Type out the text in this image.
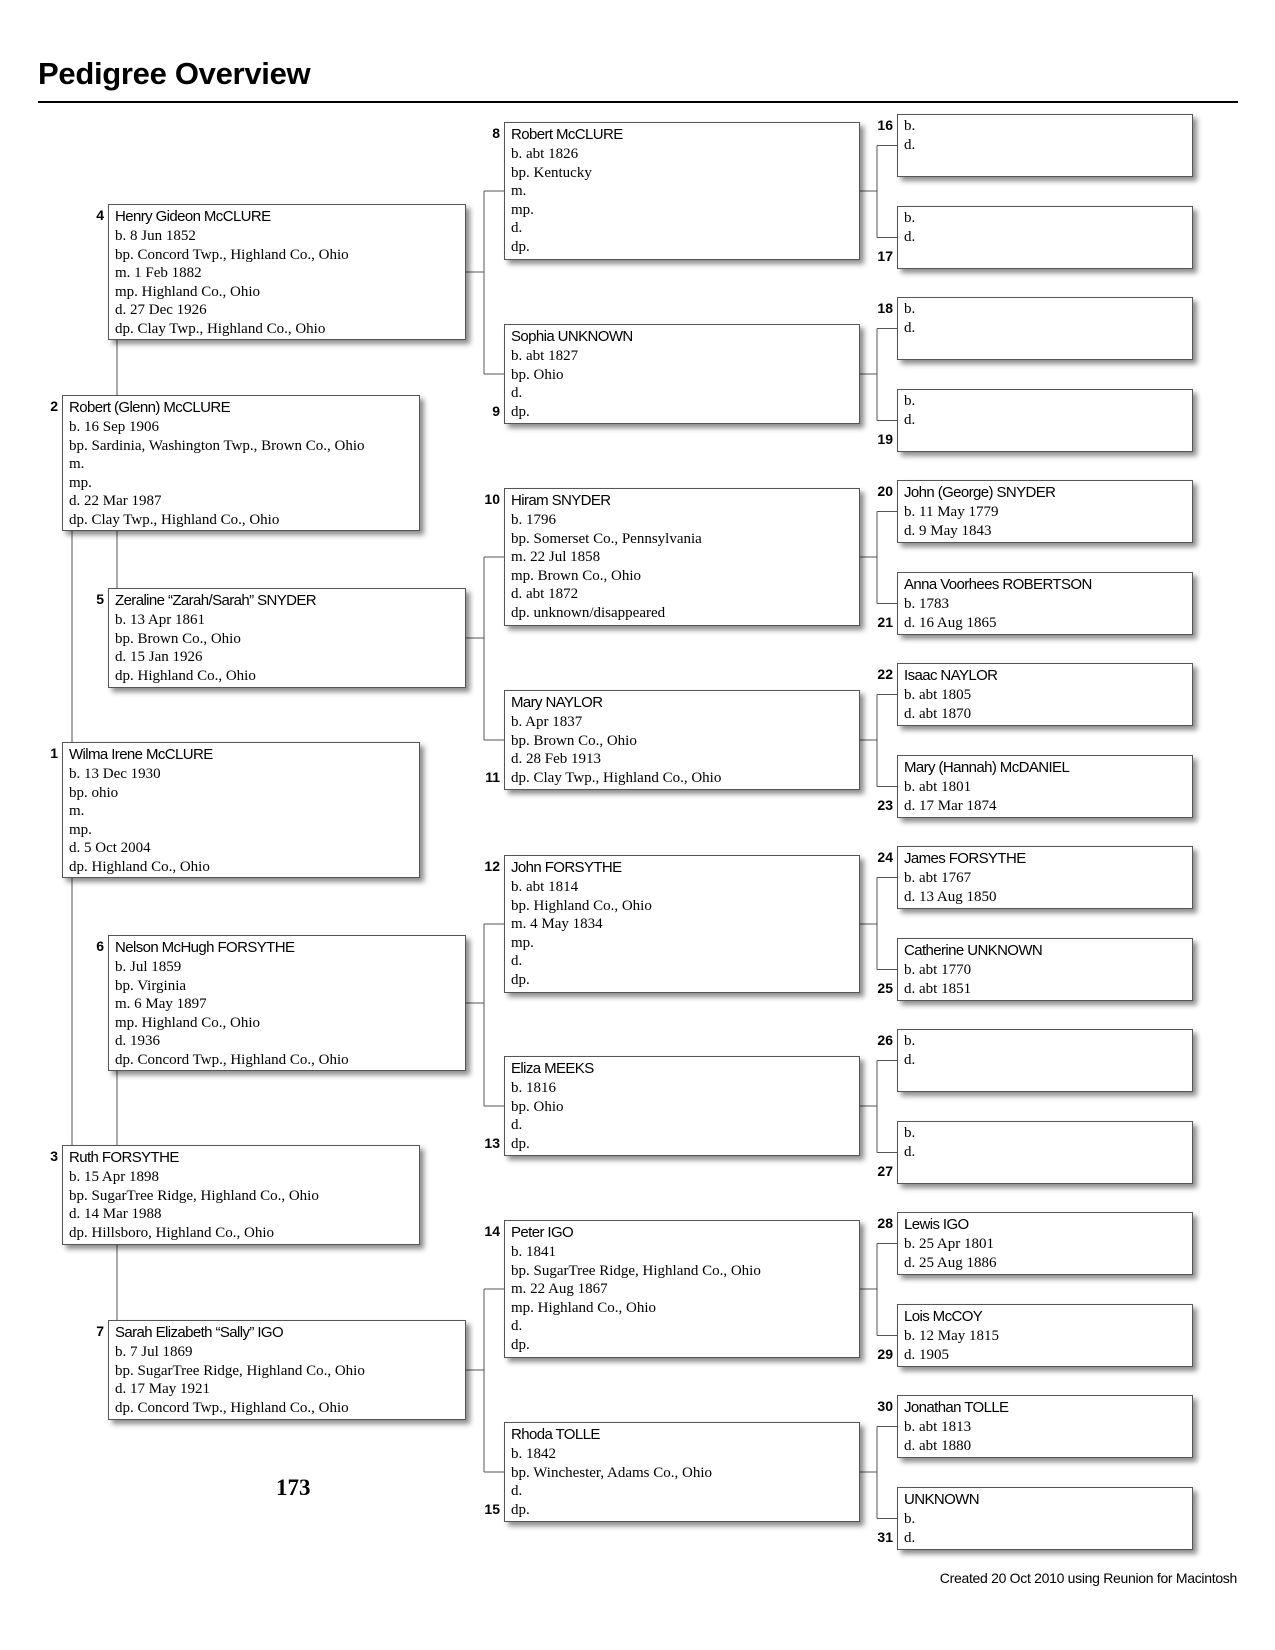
Pedigree Overview
Wilma Irene McCLURE
b. 13 Dec 1930
bp. ohio
m.
mp.
d. 5 Oct 2004
dp. Highland Co., Ohio
1
Robert (Glenn) McCLURE
b. 16 Sep 1906
bp. Sardinia, Washington Twp., Brown Co., Ohio
m.
mp.
d. 22 Mar 1987
dp. Clay Twp., Highland Co., Ohio
2
Ruth FORSYTHE
b. 15 Apr 1898
bp. SugarTree Ridge, Highland Co., Ohio
d. 14 Mar 1988
dp. Hillsboro, Highland Co., Ohio
3
Henry Gideon McCLURE
b. 8 Jun 1852
bp. Concord Twp., Highland Co., Ohio
m. 1 Feb 1882
mp. Highland Co., Ohio
d. 27 Dec 1926
dp. Clay Twp., Highland Co., Ohio
4
Zeraline “Zarah/Sarah” SNYDER
b. 13 Apr 1861
bp. Brown Co., Ohio
d. 15 Jan 1926
dp. Highland Co., Ohio
5
Nelson McHugh FORSYTHE
b. Jul 1859
bp. Virginia
m. 6 May 1897
mp. Highland Co., Ohio
d. 1936
dp. Concord Twp., Highland Co., Ohio
6
Sarah Elizabeth “Sally” IGO
b. 7 Jul 1869
bp. SugarTree Ridge, Highland Co., Ohio
d. 17 May 1921
dp. Concord Twp., Highland Co., Ohio
7
Robert McCLURE
b. abt 1826
bp. Kentucky
m.
mp.
d.
dp.
8
Sophia UNKNOWN
b. abt 1827
bp. Ohio
d.
dp.
9
Hiram SNYDER
b. 1796
bp. Somerset Co., Pennsylvania
m. 22 Jul 1858
mp. Brown Co., Ohio
d. abt 1872
dp. unknown/disappeared
10
Mary NAYLOR
b. Apr 1837
bp. Brown Co., Ohio
d. 28 Feb 1913
dp. Clay Twp., Highland Co., Ohio
11
John FORSYTHE
b. abt 1814
bp. Highland Co., Ohio
m. 4 May 1834
mp.
d.
dp.
12
Eliza MEEKS
b. 1816
bp. Ohio
d.
dp.
13
Peter IGO
b. 1841
bp. SugarTree Ridge, Highland Co., Ohio
m. 22 Aug 1867
mp. Highland Co., Ohio
d.
dp.
14
Rhoda TOLLE
b. 1842
bp. Winchester, Adams Co., Ohio
d.
dp.
15
b.
d.
16
b.
d.
17
b.
d.
18
b.
d.
19
John (George) SNYDER
b. 11 May 1779
d. 9 May 1843
20
Anna Voorhees ROBERTSON
b. 1783
d. 16 Aug 1865
21
Isaac NAYLOR
b. abt 1805
d. abt 1870
22
Mary (Hannah) McDANIEL
b. abt 1801
d. 17 Mar 1874
23
James FORSYTHE
b. abt 1767
d. 13 Aug 1850
24
Catherine UNKNOWN
b. abt 1770
d. abt 1851
25
b.
d.
26
b.
d.
27
Lewis IGO
b. 25 Apr 1801
d. 25 Aug 1886
28
Lois McCOY
b. 12 May 1815
d. 1905
29
Jonathan TOLLE
b. abt 1813
d. abt 1880
30
UNKNOWN
b.
d.
31
173
Created 20 Oct 2010 using Reunion for Macintosh
